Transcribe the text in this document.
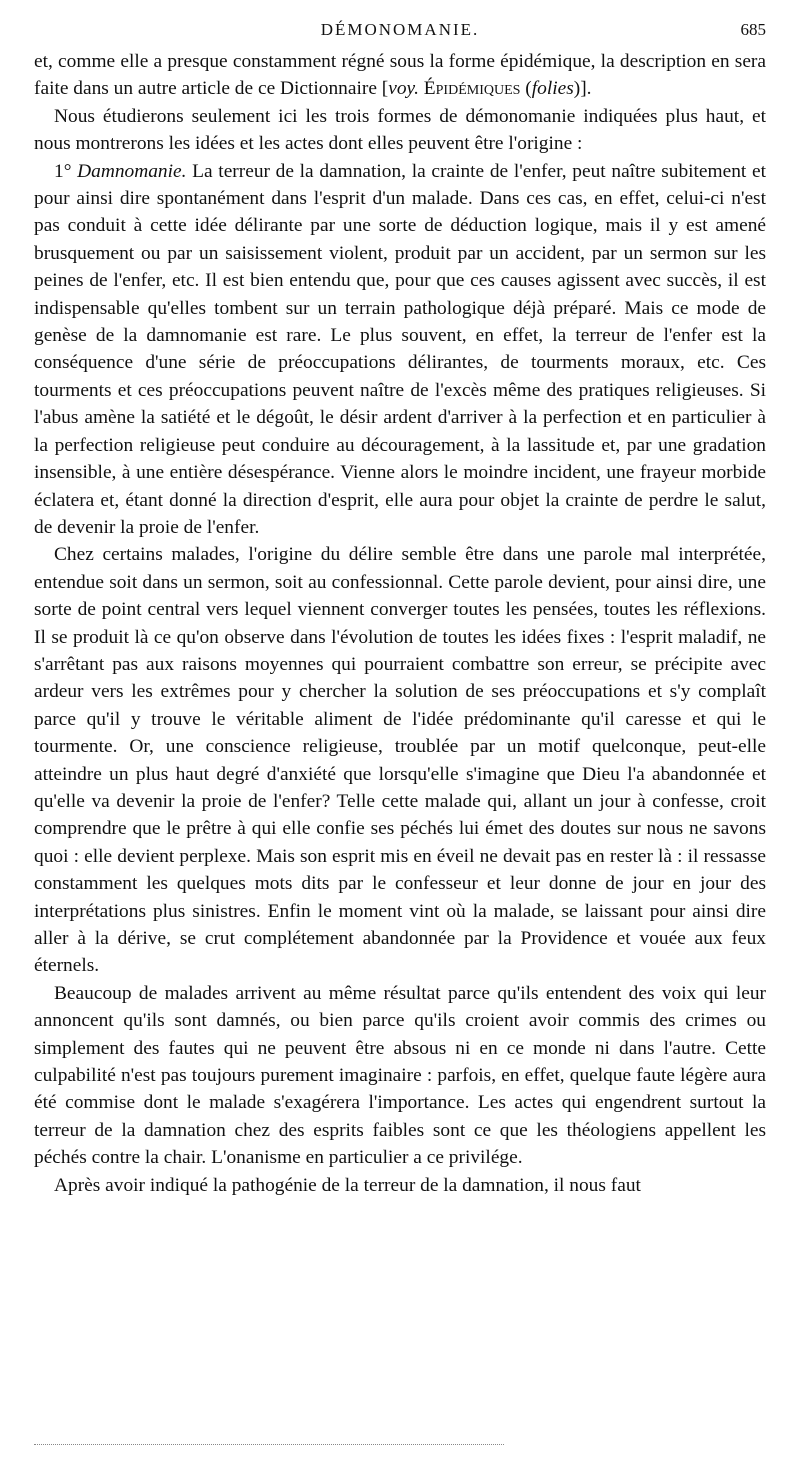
DÉMONOMANIE.	685

et, comme elle a presque constamment régné sous la forme épidémique, la description en sera faite dans un autre article de ce Dictionnaire [voy. Épidémiques (folies)].

Nous étudierons seulement ici les trois formes de démonomanie indiquées plus haut, et nous montrerons les idées et les actes dont elles peuvent être l'origine :

1° Damnomanie. La terreur de la damnation, la crainte de l'enfer, peut naître subitement et pour ainsi dire spontanément dans l'esprit d'un malade. Dans ces cas, en effet, celui-ci n'est pas conduit à cette idée délirante par une sorte de déduction logique, mais il y est amené brusquement ou par un saisissement violent, produit par un accident, par un sermon sur les peines de l'enfer, etc. Il est bien entendu que, pour que ces causes agissent avec succès, il est indispensable qu'elles tombent sur un terrain pathologique déjà préparé. Mais ce mode de genèse de la damnomanie est rare. Le plus souvent, en effet, la terreur de l'enfer est la conséquence d'une série de préoccupations délirantes, de tourments moraux, etc. Ces tourments et ces préoccupations peuvent naître de l'excès même des pratiques religieuses. Si l'abus amène la satiété et le dégoût, le désir ardent d'arriver à la perfection et en particulier à la perfection religieuse peut conduire au découragement, à la lassitude et, par une gradation insensible, à une entière désespérance. Vienne alors le moindre incident, une frayeur morbide éclatera et, étant donné la direction d'esprit, elle aura pour objet la crainte de perdre le salut, de devenir la proie de l'enfer.

Chez certains malades, l'origine du délire semble être dans une parole mal interprétée, entendue soit dans un sermon, soit au confessionnal. Cette parole devient, pour ainsi dire, une sorte de point central vers lequel viennent converger toutes les pensées, toutes les réflexions. Il se produit là ce qu'on observe dans l'évolution de toutes les idées fixes : l'esprit maladif, ne s'arrêtant pas aux raisons moyennes qui pourraient combattre son erreur, se précipite avec ardeur vers les extrêmes pour y chercher la solution de ses préoccupations et s'y complaît parce qu'il y trouve le véritable aliment de l'idée prédominante qu'il caresse et qui le tourmente. Or, une conscience religieuse, troublée par un motif quelconque, peut-elle atteindre un plus haut degré d'anxiété que lorsqu'elle s'imagine que Dieu l'a abandonnée et qu'elle va devenir la proie de l'enfer? Telle cette malade qui, allant un jour à confesse, croit comprendre que le prêtre à qui elle confie ses péchés lui émet des doutes sur nous ne savons quoi : elle devient perplexe. Mais son esprit mis en éveil ne devait pas en rester là : il ressasse constamment les quelques mots dits par le confesseur et leur donne de jour en jour des interprétations plus sinistres. Enfin le moment vint où la malade, se laissant pour ainsi dire aller à la dérive, se crut complétement abandonnée par la Providence et vouée aux feux éternels.

Beaucoup de malades arrivent au même résultat parce qu'ils entendent des voix qui leur annoncent qu'ils sont damnés, ou bien parce qu'ils croient avoir commis des crimes ou simplement des fautes qui ne peuvent être absous ni en ce monde ni dans l'autre. Cette culpabilité n'est pas toujours purement imaginaire : parfois, en effet, quelque faute légère aura été commise dont le malade s'exagérera l'importance. Les actes qui engendrent surtout la terreur de la damnation chez des esprits faibles sont ce que les théologiens appellent les péchés contre la chair. L'onanisme en particulier a ce privilége.

Après avoir indiqué la pathogénie de la terreur de la damnation, il nous faut
